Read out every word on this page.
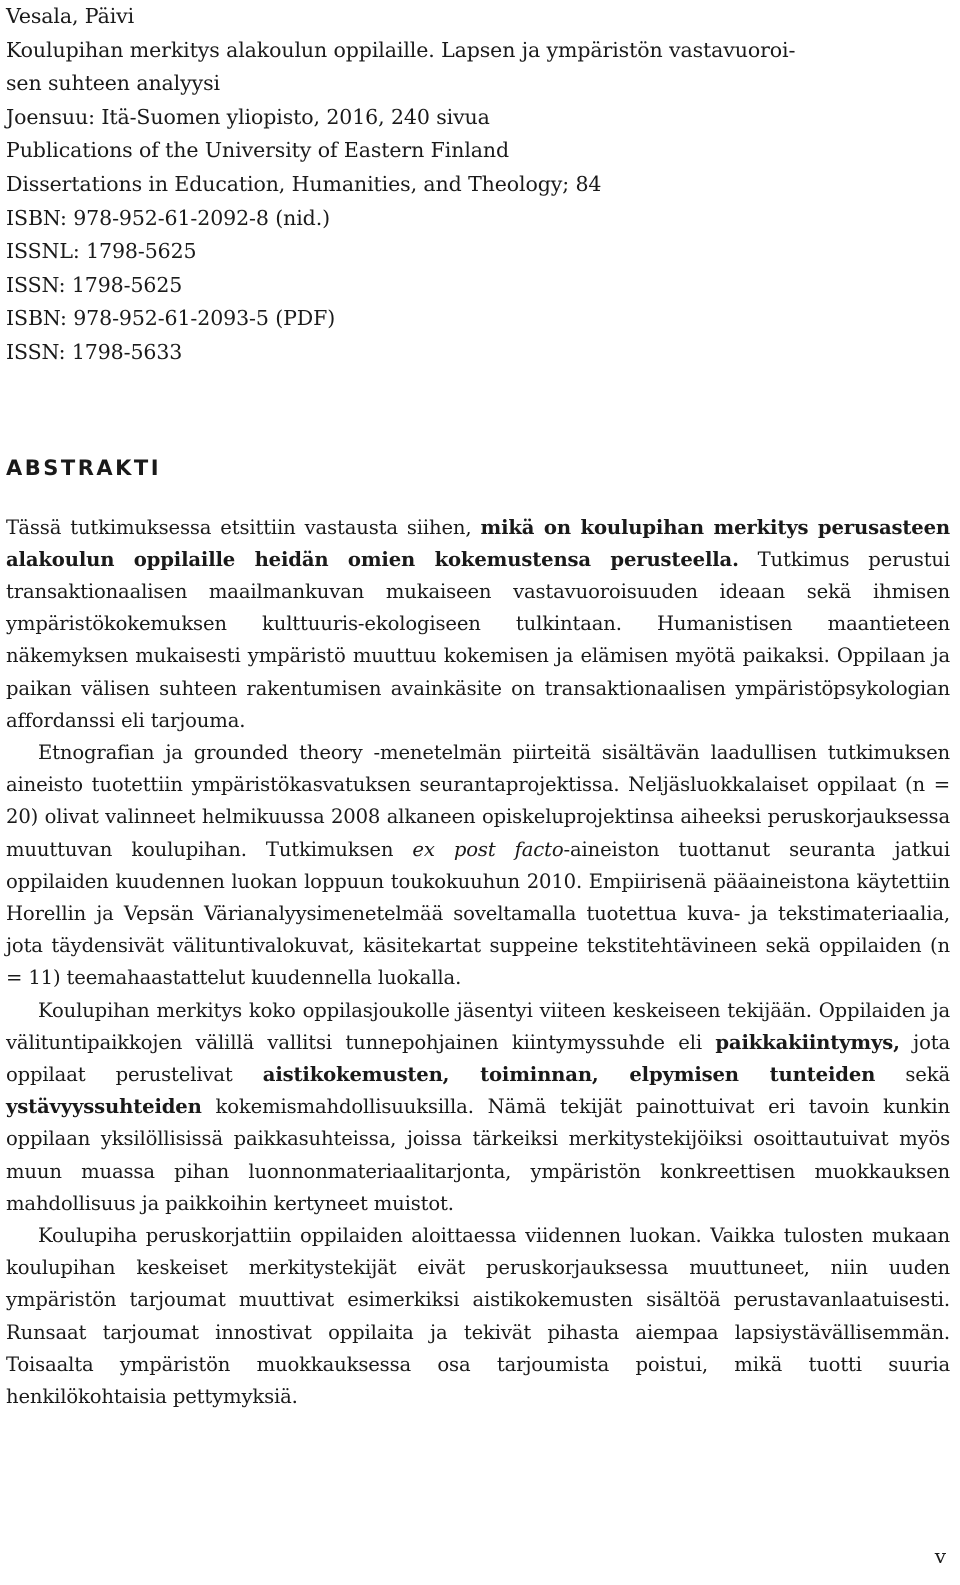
Vesala, Päivi
Koulupihan merkitys alakoulun oppilaille. Lapsen ja ympäristön vastavuoroi-
sen suhteen analyysi
Joensuu: Itä-Suomen yliopisto, 2016, 240 sivua
Publications of the University of Eastern Finland
Dissertations in Education, Humanities, and Theology; 84
ISBN: 978-952-61-2092-8 (nid.)
ISSNL: 1798-5625
ISSN: 1798-5625
ISBN: 978-952-61-2093-5 (PDF)
ISSN: 1798-5633
ABSTRAKTI

Tässä tutkimuksessa etsittiin vastausta siihen, mikä on koulupihan merkitys perusasteen alakoulun oppilaille heidän omien kokemustensa perusteella. Tutkimus perustui transaktionaalisen maailmankuvan mukaiseen vastavuoroisuuden ideaan sekä ihmisen ympäristökokemuksen kulttuuris-ekologiseen tulkintaan. Humanistisen maantieteen näkemyksen mukaisesti ympäristö muuttuu kokemisen ja elämisen myötä paikaksi. Oppilaan ja paikan välisen suhteen rakentumisen avainkäsite on transaktionaalisen ympäristöpsykologian affordanssi eli tarjouma.

Etnografian ja grounded theory -menetelmän piirteitä sisältävän laadullisen tutkimuksen aineisto tuotettiin ympäristökasvatuksen seurantaprojektissa. Neljäsluokkalaiset oppilaat (n = 20) olivat valinneet helmikuussa 2008 alkaneen opiskeluprojektinsa aiheeksi peruskorjauksessa muuttuvan koulupihan. Tutkimuksen ex post facto-aineiston tuottanut seuranta jatkui oppilaiden kuudennen luokan loppuun toukokuuhun 2010. Empiirisenä pääaineistona käytettiin Horellin ja Vepsän Värianalyysimenetelmää soveltamalla tuotettua kuva- ja tekstimateriaalia, jota täydensivät välituntivalokuvat, käsitekartat suppeine tekstitehtävineen sekä oppilaiden (n = 11) teemahaastattelut kuudennella luokalla.

Koulupihan merkitys koko oppilasjoukolle jäsentyi viiteen keskeiseen tekijään. Oppilaiden ja välituntipaikkojen välillä vallitsi tunnepohjainen kiintymyssuhde eli paikkakiintymys, jota oppilaat perustelivat aistikokemusten, toiminnan, elpymisen tunteiden sekä ystävyyssuhteiden kokemismahdollisuuksilla. Nämä tekijät painottuivat eri tavoin kunkin oppilaan yksilöllisissä paikkasuhteissa, joissa tärkeiksi merkitystekijöiksi osoittautuivat myös muun muassa pihan luonnonmateriaalitarjonta, ympäristön konkreettisen muokkauksen mahdollisuus ja paikkoihin kertyneet muistot.

Koulupiha peruskorjattiin oppilaiden aloittaessa viidennen luokan. Vaikka tulosten mukaan koulupihan keskeiset merkitystekijät eivät peruskorjauksessa muuttuneet, niin uuden ympäristön tarjoumat muuttivat esimerkiksi aistikokemusten sisältöä perustavanlaatuisesti. Runsaat tarjoumat innostivat oppilaita ja tekivät pihasta aiempaa lapsiystävällisemmän. Toisaalta ympäristön muokkauksessa osa tarjoumista poistui, mikä tuotti suuria henkilökohtaisia pettymyksiä.

v
